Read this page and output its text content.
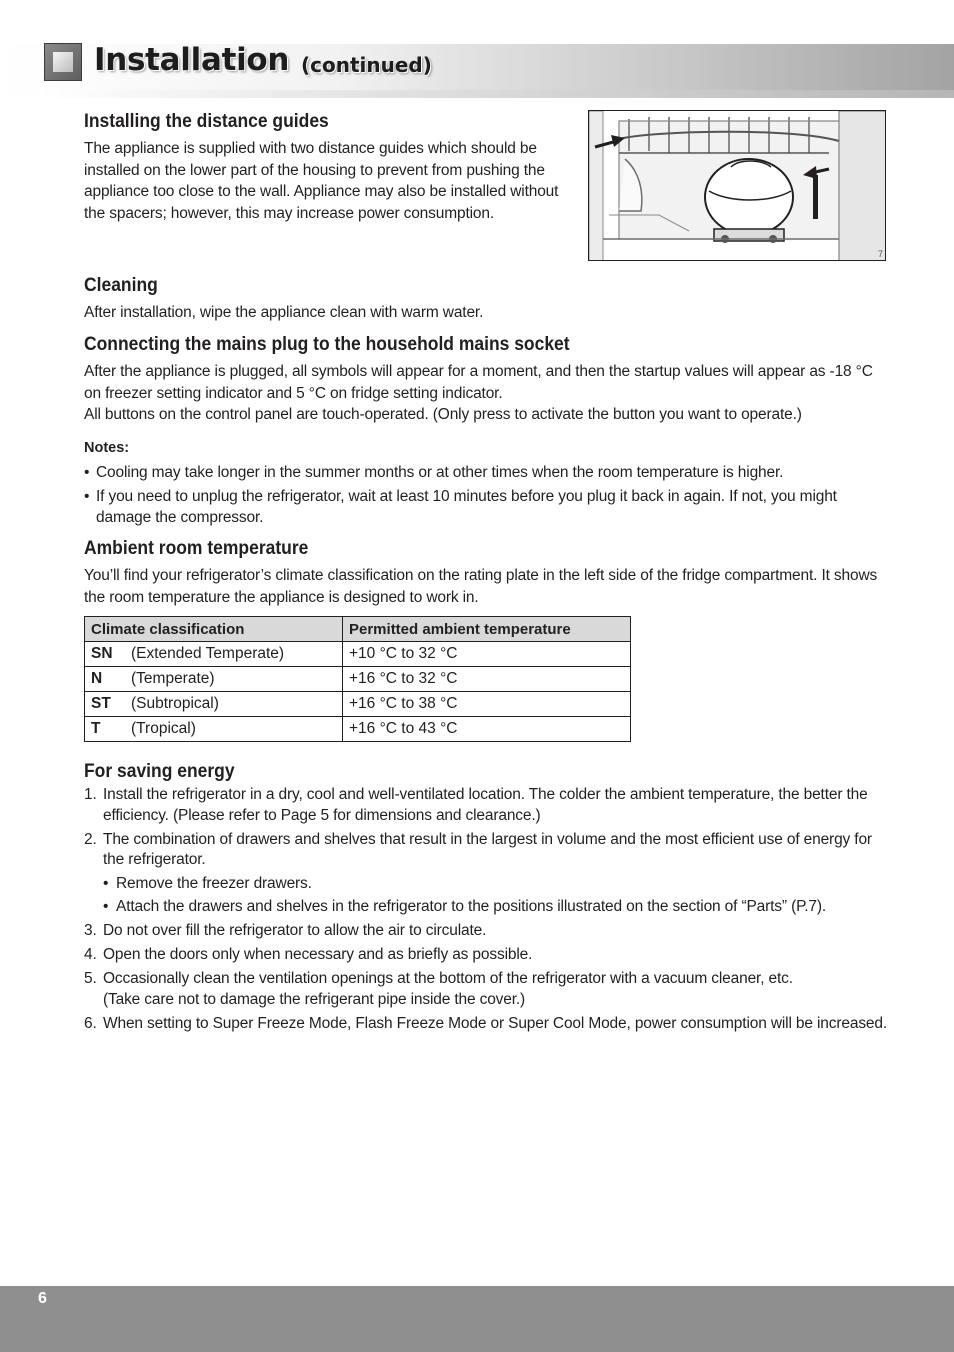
Installation (continued)
Installing the distance guides

The appliance is supplied with two distance guides which should be installed on the lower part of the housing to prevent from pushing the appliance too close to the wall. Appliance may also be installed without the spacers; however, this may increase power consumption.

7
Cleaning

After installation, wipe the appliance clean with warm water.

Connecting the mains plug to the household mains socket

After the appliance is plugged, all symbols will appear for a moment, and then the startup values will appear as -18 °C on freezer setting indicator and 5 °C on fridge setting indicator.

All buttons on the control panel are touch-operated. (Only press to activate the button you want to operate.)

Notes:

• Cooling may take longer in the summer months or at other times when the room temperature is higher.
• If you need to unplug the refrigerator, wait at least 10 minutes before you plug it back in again. If not, you might damage the compressor.
Ambient room temperature

You’ll find your refrigerator’s climate classification on the rating plate in the left side of the fridge compartment. It shows the room temperature the appliance is designed to work in.

Climate classification	Permitted ambient temperature
SN (Extended Temperate)	+10 °C to 32 °C
N (Temperate)	+16 °C to 32 °C
ST (Subtropical)	+16 °C to 38 °C
T (Tropical)	+16 °C to 43 °C
For saving energy
1. Install the refrigerator in a dry, cool and well-ventilated location. The colder the ambient temperature, the better the efficiency. (Please refer to Page 5 for dimensions and clearance.)
2. The combination of drawers and shelves that result in the largest in volume and the most efficient use of energy for the refrigerator.
• Remove the freezer drawers.
• Attach the drawers and shelves in the refrigerator to the positions illustrated on the section of “Parts” (P.7).
3. Do not over fill the refrigerator to allow the air to circulate.
4. Open the doors only when necessary and as briefly as possible.
5. Occasionally clean the ventilation openings at the bottom of the refrigerator with a vacuum cleaner, etc.
(Take care not to damage the refrigerant pipe inside the cover.)
6. When setting to Super Freeze Mode, Flash Freeze Mode or Super Cool Mode, power consumption will be increased.
6
